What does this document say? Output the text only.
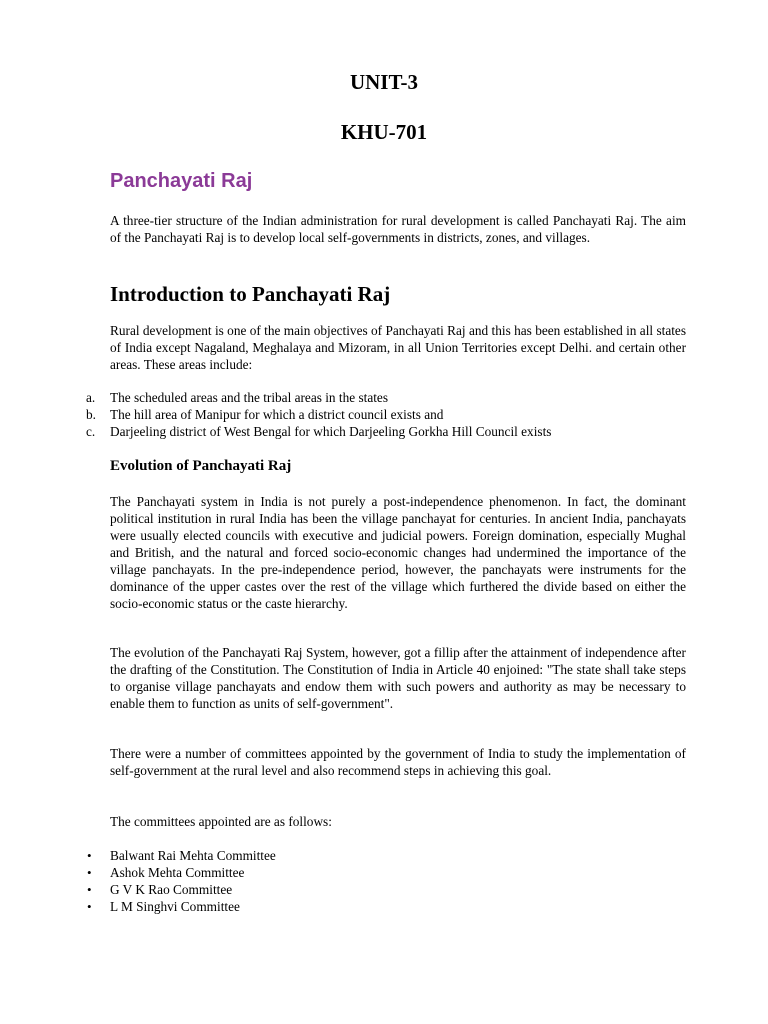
UNIT-3
KHU-701
Panchayati Raj

A three-tier structure of the Indian administration for rural development is called Panchayati Raj. The aim of the Panchayati Raj is to develop local self-governments in districts, zones, and villages.

Introduction to Panchayati Raj

Rural development is one of the main objectives of Panchayati Raj and this has been established in all states of India except Nagaland, Meghalaya and Mizoram, in all Union Territories except Delhi. and certain other areas. These areas include:

a. The scheduled areas and the tribal areas in the states
b. The hill area of Manipur for which a district council exists and
c. Darjeeling district of West Bengal for which Darjeeling Gorkha Hill Council exists
Evolution of Panchayati Raj

The Panchayati system in India is not purely a post-independence phenomenon. In fact, the dominant political institution in rural India has been the village panchayat for centuries. In ancient India, panchayats were usually elected councils with executive and judicial powers. Foreign domination, especially Mughal and British, and the natural and forced socio-economic changes had undermined the importance of the village panchayats. In the pre-independence period, however, the panchayats were instruments for the dominance of the upper castes over the rest of the village which furthered the divide based on either the socio-economic status or the caste hierarchy.

The evolution of the Panchayati Raj System, however, got a fillip after the attainment of independence after the drafting of the Constitution. The Constitution of India in Article 40 enjoined: "The state shall take steps to organise village panchayats and endow them with such powers and authority as may be necessary to enable them to function as units of self-government".

There were a number of committees appointed by the government of India to study the implementation of self-government at the rural level and also recommend steps in achieving this goal.

The committees appointed are as follows:

• Balwant Rai Mehta Committee
• Ashok Mehta Committee
• G V K Rao Committee
• L M Singhvi Committee
